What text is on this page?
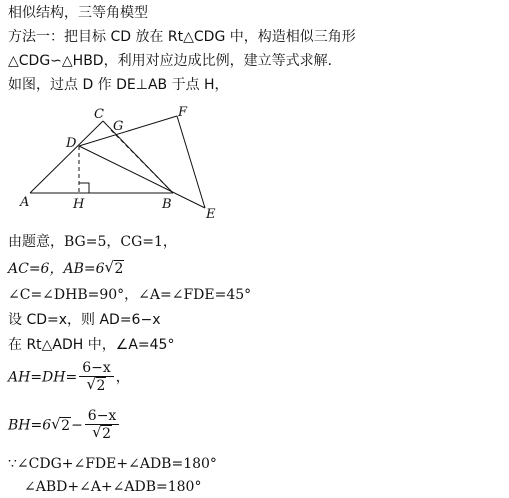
相似结构，三等角模型
方法一：把目标 CD 放在 Rt△CDG 中，构造相似三角形
△CDG∽△HBD，利用对应边成比例，建立等式求解．
如图，过点 D 作 DE⊥AB 于点 H，
C
G
D
F
A	H	B
E
由题意，BG=5，CG=1，
AC=6，AB=6 √ 2
∠C=∠DHB=90°，∠A=∠FDE=45°
设 CD=x，则 AD=6−x
在 Rt△ADH 中，∠A=45°
$AH=DH= \frac{6-x}{√ 2}$ ，
BH=6 √ $2- \frac{6-x}{√ 2}$
∵∠CDG+∠FDE+∠ADB=180°
∠ABD+∠A+∠ADB=180°
